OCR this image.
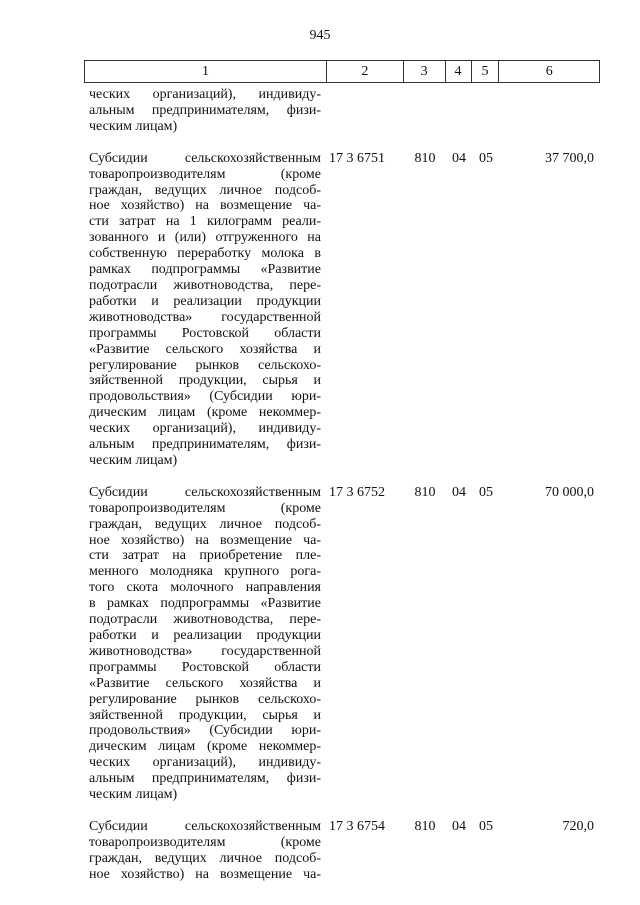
945
1	2	3	4	5	6
ческих организаций), индивиду-
альным предпринимателям, физи-
ческим лицам)
Субсидии сельскохозяйственным
товаропроизводителям (кроме
граждан, ведущих личное подсоб-
ное хозяйство) на возмещение ча-
сти затрат на 1 килограмм реали-
зованного и (или) отгруженного на
собственную переработку молока в
рамках подпрограммы «Развитие
подотрасли животноводства, пере-
работки и реализации продукции
животноводства» государственной
программы Ростовской области
«Развитие сельского хозяйства и
регулирование рынков сельскохо-
зяйственной продукции, сырья и
продовольствия» (Субсидии юри-
дическим лицам (кроме некоммер-
ческих организаций), индивиду-
альным предпринимателям, физи-
ческим лицам)
17 3 6751	810	04 05	37 700,0
Субсидии сельскохозяйственным
товаропроизводителям (кроме
граждан, ведущих личное подсоб-
ное хозяйство) на возмещение ча-
сти затрат на приобретение пле-
менного молодняка крупного рога-
того скота молочного направления
в рамках подпрограммы «Развитие
подотрасли животноводства, пере-
работки и реализации продукции
животноводства» государственной
программы Ростовской области
«Развитие сельского хозяйства и
регулирование рынков сельскохо-
зяйственной продукции, сырья и
продовольствия» (Субсидии юри-
дическим лицам (кроме некоммер-
ческих организаций), индивиду-
альным предпринимателям, физи-
ческим лицам)
17 3 6752	810	04 05	70 000,0
Субсидии сельскохозяйственным
товаропроизводителям (кроме
граждан, ведущих личное подсоб-
ное хозяйство) на возмещение ча-
17 3 6754	810	04 05	720,0
